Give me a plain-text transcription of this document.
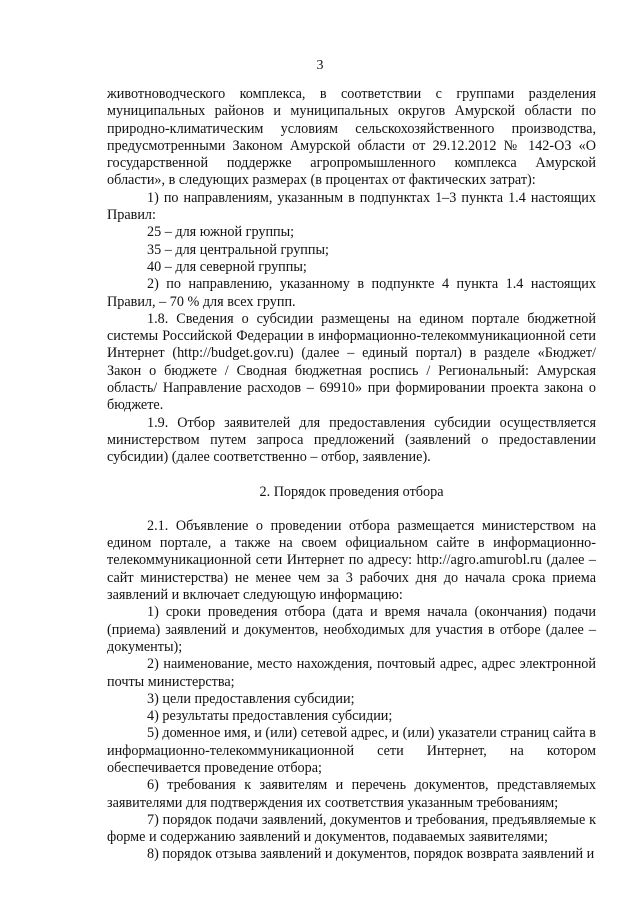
3

животноводческого комплекса, в соответствии с группами разделения муниципальных районов и муниципальных округов Амурской области по природно-климатическим условиям сельскохозяйственного производства, предусмотренными Законом Амурской области от 29.12.2012 № 142-ОЗ «О государственной поддержке агропромышленного комплекса Амурской области», в следующих размерах (в процентах от фактических затрат):

1) по направлениям, указанным в подпунктах 1–3 пункта 1.4 настоящих Правил:

25 – для южной группы;

35 – для центральной группы;

40 – для северной группы;

2) по направлению, указанному в подпункте 4 пункта 1.4 настоящих Правил, – 70 % для всех групп.

1.8. Сведения о субсидии размещены на едином портале бюджетной системы Российской Федерации в информационно-телекоммуникационной сети Интернет (http://budget.gov.ru) (далее – единый портал) в разделе «Бюджет/ Закон о бюджете / Сводная бюджетная роспись / Региональный: Амурская область/ Направление расходов – 69910» при формировании проекта закона о бюджете.

1.9. Отбор заявителей для предоставления субсидии осуществляется министерством путем запроса предложений (заявлений о предоставлении субсидии) (далее соответственно – отбор, заявление).

2. Порядок проведения отбора

2.1. Объявление о проведении отбора размещается министерством на едином портале, а также на своем официальном сайте в информационно-телекоммуникационной сети Интернет по адресу: http://agro.amurobl.ru (далее – сайт министерства) не менее чем за 3 рабочих дня до начала срока приема заявлений и включает следующую информацию:

1) сроки проведения отбора (дата и время начала (окончания) подачи (приема) заявлений и документов, необходимых для участия в отборе (далее – документы);

2) наименование, место нахождения, почтовый адрес, адрес электронной почты министерства;

3) цели предоставления субсидии;

4) результаты предоставления субсидии;

5) доменное имя, и (или) сетевой адрес, и (или) указатели страниц сайта в информационно-телекоммуникационной сети Интернет, на котором обеспечивается проведение отбора;

6) требования к заявителям и перечень документов, представляемых заявителями для подтверждения их соответствия указанным требованиям;

7) порядок подачи заявлений, документов и требования, предъявляемые к форме и содержанию заявлений и документов, подаваемых заявителями;

8) порядок отзыва заявлений и документов, порядок возврата заявлений и
